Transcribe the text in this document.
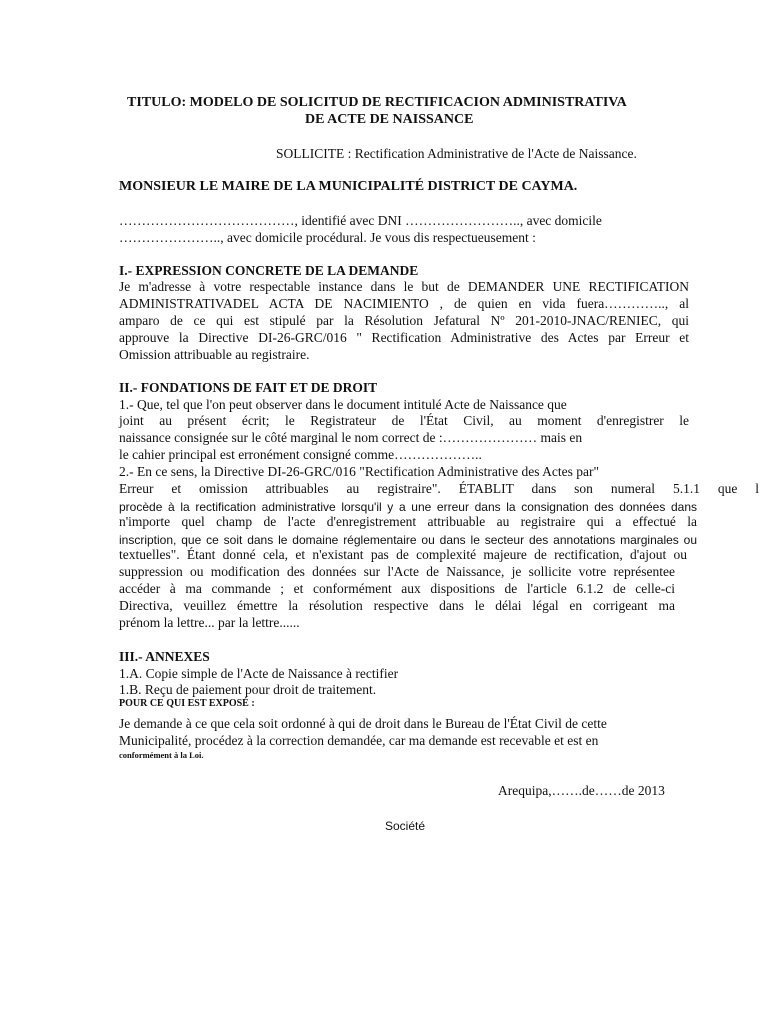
TITULO: MODELO DE SOLICITUD DE RECTIFICACION ADMINISTRATIVA
DE ACTE DE NAISSANCE
SOLLICITE : Rectification Administrative de l'Acte de Naissance.
MONSIEUR LE MAIRE DE LA MUNICIPALITÉ DISTRICT DE CAYMA.
…………………………………, identifié avec DNI …………………….., avec domicile
………………….., avec domicile procédural. Je vous dis respectueusement :
I.- EXPRESSION CONCRETE DE LA DEMANDE
Je m'adresse à votre respectable instance dans le but de DEMANDER UNE RECTIFICATION
ADMINISTRATIVADEL ACTA DE NACIMIENTO , de quien en vida fuera………….., al
amparo de ce qui est stipulé par la Résolution Jefatural Nº 201-2010-JNAC/RENIEC, qui
approuve la Directive DI-26-GRC/016 " Rectification Administrative des Actes par Erreur et
Omission attribuable au registraire.
II.- FONDATIONS DE FAIT ET DE DROIT
1.- Que, tel que l'on peut observer dans le document intitulé Acte de Naissance que
joint au présent écrit; le Registrateur de l'État Civil, au moment d'enregistrer le
naissance consignée sur le côté marginal le nom correct de :………………… mais en
le cahier principal est erronément consigné comme………………..
2.- En ce sens, la Directive DI-26-GRC/016 "Rectification Administrative des Actes par"
Erreur et omission attribuables au registraire". ÉTABLIT dans son numeral 5.1.1 que l
procède à la rectification administrative lorsqu'il y a une erreur dans la consignation des données dans
n'importe quel champ de l'acte d'enregistrement attribuable au registraire qui a effectué la
inscription, que ce soit dans le domaine réglementaire ou dans le secteur des annotations marginales ou
textuelles". Étant donné cela, et n'existant pas de complexité majeure de rectification, d'ajout ou
suppression ou modification des données sur l'Acte de Naissance, je sollicite votre représentee
accéder à ma commande ; et conformément aux dispositions de l'article 6.1.2 de celle-ci
Directiva, veuillez émettre la résolution respective dans le délai légal en corrigeant ma
prénom la lettre... par la lettre......
III.- ANNEXES
1.A. Copie simple de l'Acte de Naissance à rectifier
1.B. Reçu de paiement pour droit de traitement.
POUR CE QUI EST EXPOSÉ :
Je demande à ce que cela soit ordonné à qui de droit dans le Bureau de l'État Civil de cette
Municipalité, procédez à la correction demandée, car ma demande est recevable et est en
conformément à la Loi.
Arequipa,…….de……de 2013
Société
